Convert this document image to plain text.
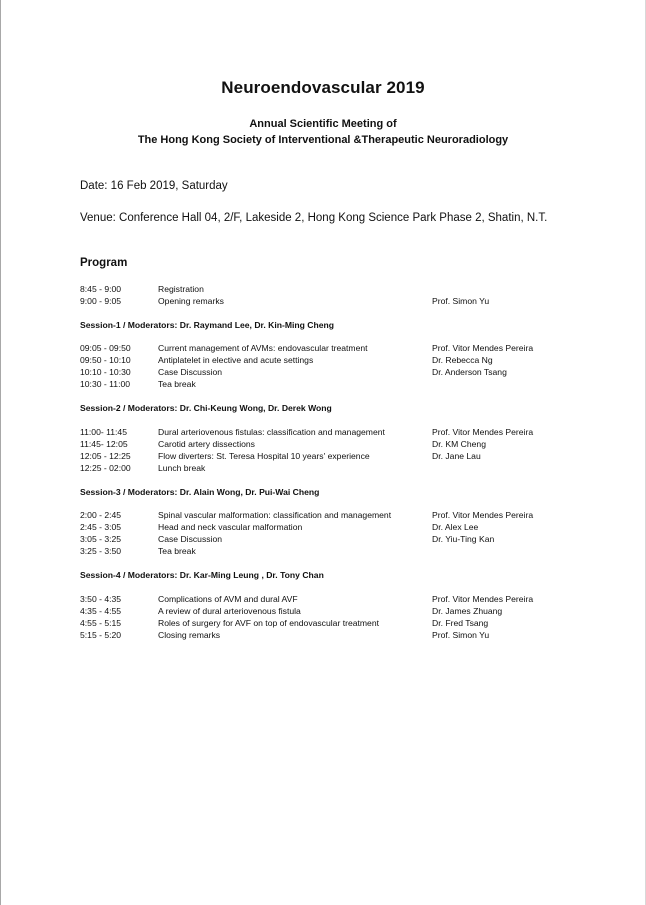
Neuroendovascular 2019
Annual Scientific Meeting of
The Hong Kong Society of Interventional &Therapeutic Neuroradiology
Date: 16 Feb 2019, Saturday
Venue: Conference Hall 04, 2/F, Lakeside 2, Hong Kong Science Park Phase 2, Shatin, N.T.
Program
8:45 - 9:00	Registration
9:00 - 9:05	Opening remarks	Prof. Simon Yu
Session-1 / Moderators: Dr. Raymand Lee, Dr. Kin-Ming Cheng
09:05 - 09:50	Current management of AVMs: endovascular treatment	Prof. Vitor Mendes Pereira
09:50 - 10:10	Antiplatelet in elective and acute settings	Dr. Rebecca Ng
10:10 - 10:30	Case Discussion	Dr. Anderson Tsang
10:30 - 11:00	Tea break
Session-2 / Moderators: Dr. Chi-Keung Wong, Dr. Derek Wong
11:00- 11:45	Dural arteriovenous fistulas: classification and management	Prof. Vitor Mendes Pereira
11:45- 12:05	Carotid artery dissections	Dr. KM Cheng
12:05 - 12:25	Flow diverters: St. Teresa Hospital 10 years' experience	Dr. Jane Lau
12:25 - 02:00	Lunch break
Session-3 / Moderators: Dr. Alain Wong, Dr. Pui-Wai Cheng
2:00 - 2:45	Spinal vascular malformation: classification and management	Prof. Vitor Mendes Pereira
2:45 - 3:05	Head and neck vascular malformation	Dr. Alex Lee
3:05 - 3:25	Case Discussion	Dr. Yiu-Ting Kan
3:25 - 3:50	Tea break
Session-4 / Moderators: Dr. Kar-Ming Leung , Dr. Tony Chan
3:50 - 4:35	Complications of AVM and dural AVF	Prof. Vitor Mendes Pereira
4:35 - 4:55	A review of dural arteriovenous fistula	Dr. James Zhuang
4:55 - 5:15	Roles of surgery for AVF on top of endovascular treatment	Dr. Fred Tsang
5:15 - 5:20	Closing remarks	Prof. Simon Yu
